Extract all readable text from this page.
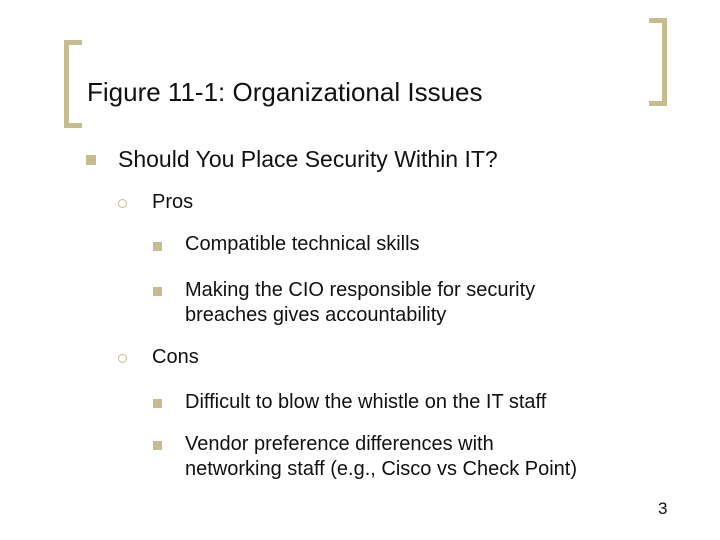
Figure 11-1: Organizational Issues
Should You Place Security Within IT?
Pros
Compatible technical skills
Making the CIO responsible for security
breaches gives accountability
Cons
Difficult to blow the whistle on the IT staff
Vendor preference differences with
networking staff (e.g., Cisco vs Check Point)
3
